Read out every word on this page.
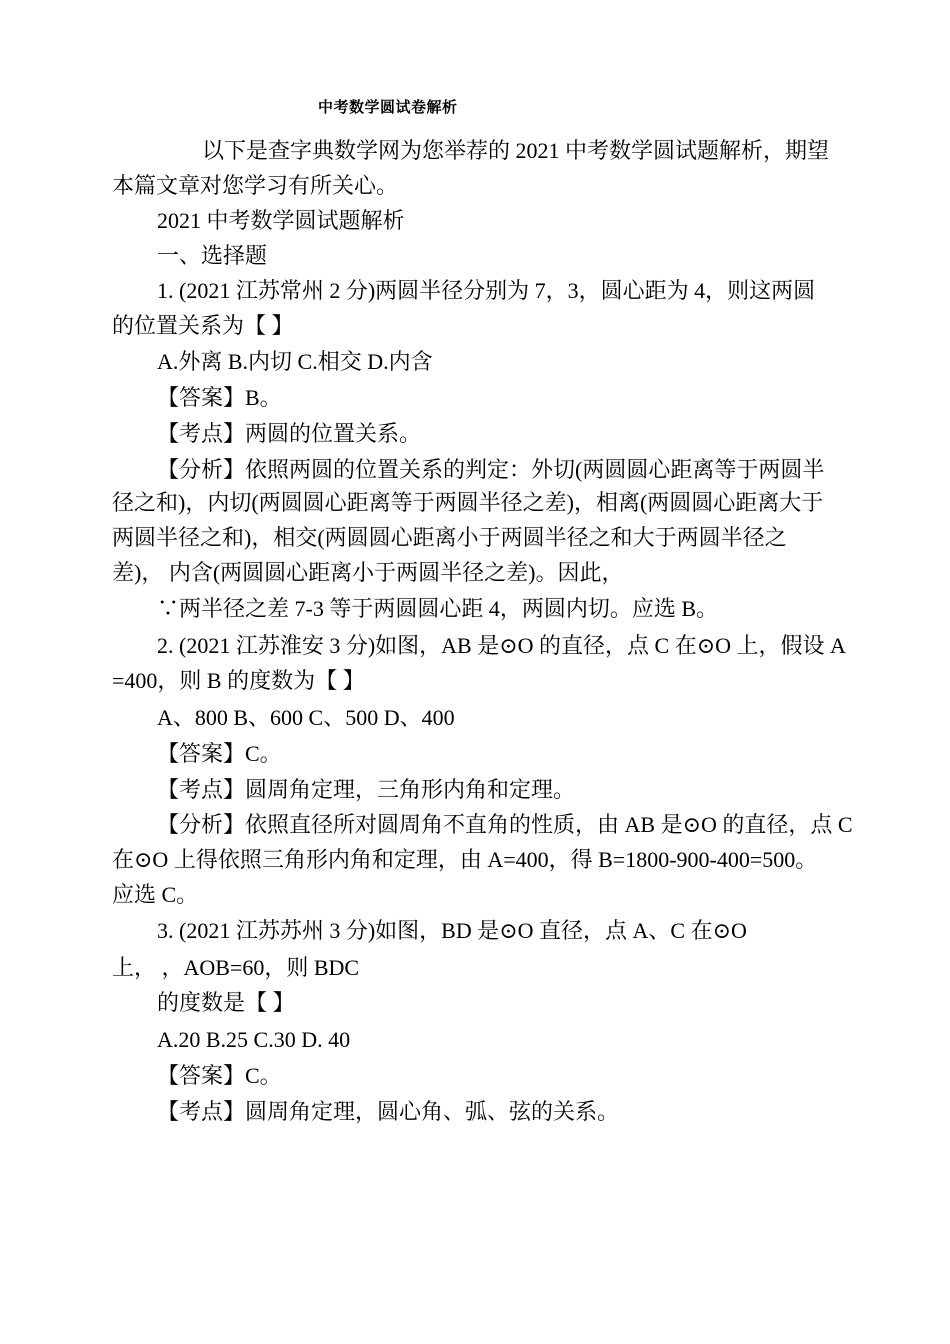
中考数学圆试卷解析
以下是查字典数学网为您举荐的 2021 中考数学圆试题解析，期望
本篇文章对您学习有所关心。
2021 中考数学圆试题解析
一、选择题
1. (2021 江苏常州 2 分)两圆半径分别为 7，3，圆心距为 4，则这两圆
的位置关系为【 】
A.外离 B.内切 C.相交 D.内含
【答案】B。
【考点】两圆的位置关系。
【分析】依照两圆的位置关系的判定：外切(两圆圆心距离等于两圆半
径之和)，内切(两圆圆心距离等于两圆半径之差)，相离(两圆圆心距离大于
两圆半径之和)，相交(两圆圆心距离小于两圆半径之和大于两圆半径之
差)， 内含(两圆圆心距离小于两圆半径之差)。因此，
∵两半径之差 7-3 等于两圆圆心距 4，两圆内切。应选 B。
2. (2021 江苏淮安 3 分)如图，AB 是⊙O 的直径，点 C 在⊙O 上，假设 A
=400，则 B 的度数为【 】
A、800 B、600 C、500 D、400
【答案】C。
【考点】圆周角定理，三角形内角和定理。
【分析】依照直径所对圆周角不直角的性质，由 AB 是⊙O 的直径，点 C
在⊙O 上得依照三角形内角和定理，由 A=400，得 B=1800-900-400=500。
应选 C。
3. (2021 江苏苏州 3 分)如图，BD 是⊙O 直径，点 A、C 在⊙O
上， ，AOB=60，则 BDC
的度数是【 】
A.20 B.25 C.30 D. 40
【答案】C。
【考点】圆周角定理，圆心角、弧、弦的关系。
